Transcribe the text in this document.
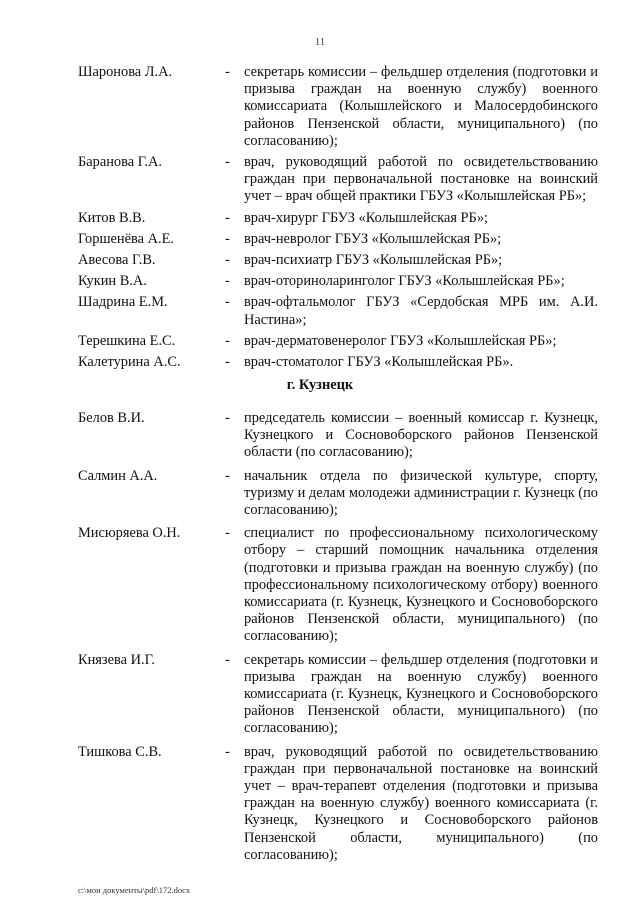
11
Шаронова Л.А.	- секретарь комиссии – фельдшер отделения (подготовки и призыва граждан на военную службу) военного комиссариата (Колышлейского и Малосердобинского районов Пензенской области, муниципального) (по согласованию);
Баранова Г.А.	- врач, руководящий работой по освидетельствованию граждан при первоначальной постановке на воинский учет – врач общей практики ГБУЗ «Колышлейская РБ»;
Китов В.В.	- врач-хирург ГБУЗ «Колышлейская РБ»;
Горшенёва А.Е.	- врач-невролог ГБУЗ «Колышлейская РБ»;
Авесова Г.В.	- врач-психиатр ГБУЗ «Колышлейская РБ»;
Кукин В.А.	- врач-оториноларинголог ГБУЗ «Колышлейская РБ»;
Шадрина Е.М.	- врач-офтальмолог ГБУЗ «Сердобская МРБ им. А.И. Настина»;
Терешкина Е.С.	- врач-дерматовенеролог ГБУЗ «Колышлейская РБ»;
Калетурина А.С.	- врач-стоматолог ГБУЗ «Колышлейская РБ».
г. Кузнецк
Белов В.И.	- председатель комиссии – военный комиссар г. Кузнецк, Кузнецкого и Сосновоборского районов Пензенской области (по согласованию);
Салмин А.А.	- начальник отдела по физической культуре, спорту, туризму и делам молодежи администрации г. Кузнецк (по согласованию);
Мисюряева О.Н.	- специалист по профессиональному психологическому отбору – старший помощник начальника отделения (подготовки и призыва граждан на военную службу) (по профессиональному психологическому отбору) военного комиссариата (г. Кузнецк, Кузнецкого и Сосновоборского районов Пензенской области, муниципального) (по согласованию);
Князева И.Г.	- секретарь комиссии – фельдшер отделения (подготовки и призыва граждан на военную службу) военного комиссариата (г. Кузнецк, Кузнецкого и Сосновоборского районов Пензенской области, муниципального) (по согласованию);
Тишкова С.В.	- врач, руководящий работой по освидетельствованию граждан при первоначальной постановке на воинский учет – врач-терапевт отделения (подготовки и призыва граждан на военную службу) военного комиссариата (г. Кузнецк, Кузнецкого и Сосновоборского районов Пензенской области, муниципального) (по согласованию);
c:\мои документы\pdf\172.docx
